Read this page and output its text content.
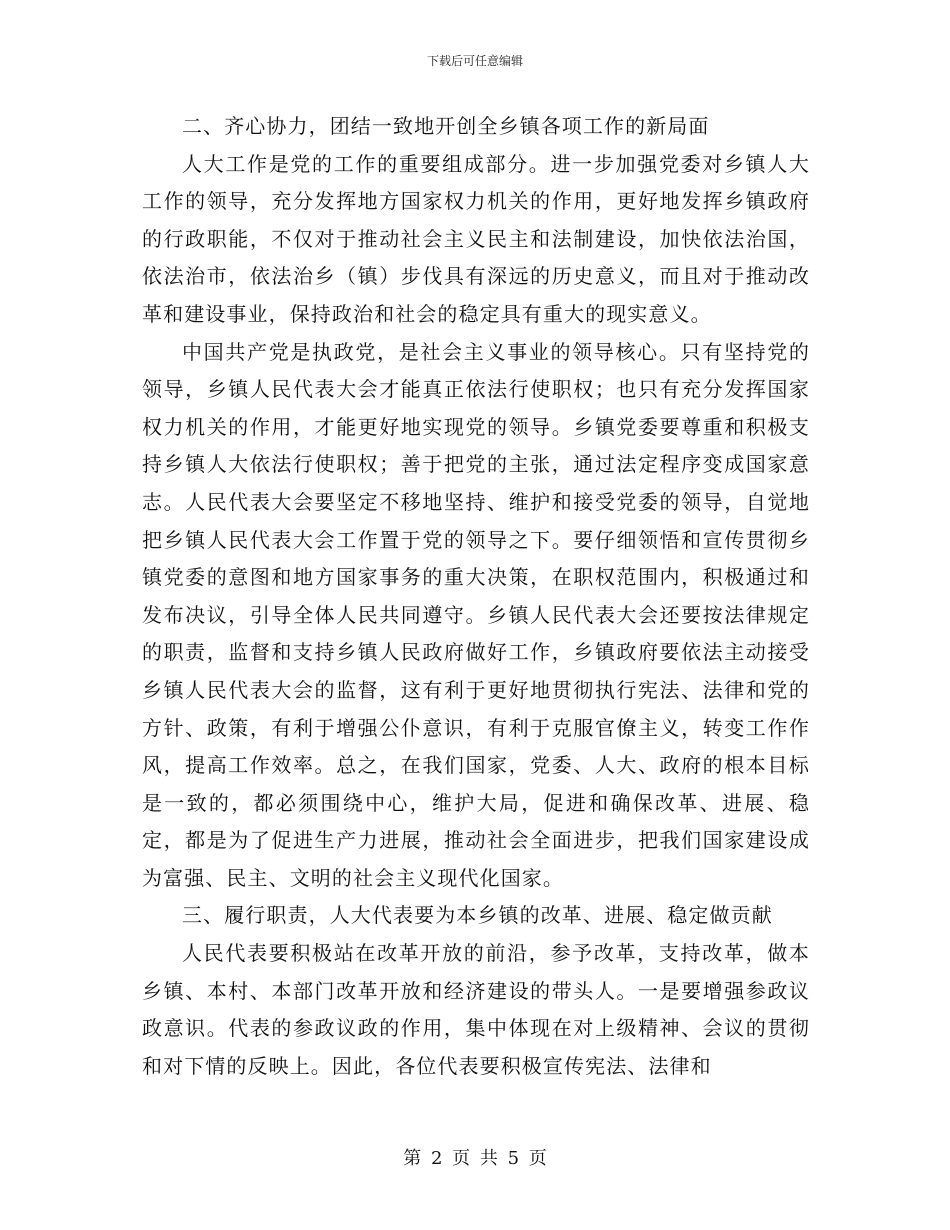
下载后可任意编辑

二、齐心协力，团结一致地开创全乡镇各项工作的新局面

人大工作是党的工作的重要组成部分。进一步加强党委对乡镇人大工作的领导，充分发挥地方国家权力机关的作用，更好地发挥乡镇政府的行政职能，不仅对于推动社会主义民主和法制建设，加快依法治国，依法治市，依法治乡（镇）步伐具有深远的历史意义，而且对于推动改革和建设事业，保持政治和社会的稳定具有重大的现实意义。

中国共产党是执政党，是社会主义事业的领导核心。只有坚持党的领导，乡镇人民代表大会才能真正依法行使职权；也只有充分发挥国家权力机关的作用，才能更好地实现党的领导。乡镇党委要尊重和积极支持乡镇人大依法行使职权；善于把党的主张，通过法定程序变成国家意志。人民代表大会要坚定不移地坚持、维护和接受党委的领导，自觉地把乡镇人民代表大会工作置于党的领导之下。要仔细领悟和宣传贯彻乡镇党委的意图和地方国家事务的重大决策，在职权范围内，积极通过和发布决议，引导全体人民共同遵守。乡镇人民代表大会还要按法律规定的职责，监督和支持乡镇人民政府做好工作，乡镇政府要依法主动接受乡镇人民代表大会的监督，这有利于更好地贯彻执行宪法、法律和党的方针、政策，有利于增强公仆意识，有利于克服官僚主义，转变工作作风，提高工作效率。总之，在我们国家，党委、人大、政府的根本目标是一致的，都必须围绕中心，维护大局，促进和确保改革、进展、稳定，都是为了促进生产力进展，推动社会全面进步，把我们国家建设成为富强、民主、文明的社会主义现代化国家。

三、履行职责，人大代表要为本乡镇的改革、进展、稳定做贡献

人民代表要积极站在改革开放的前沿，参予改革，支持改革，做本乡镇、本村、本部门改革开放和经济建设的带头人。一是要增强参政议政意识。代表的参政议政的作用，集中体现在对上级精神、会议的贯彻和对下情的反映上。因此，各位代表要积极宣传宪法、法律和

第 2 页 共 5 页
